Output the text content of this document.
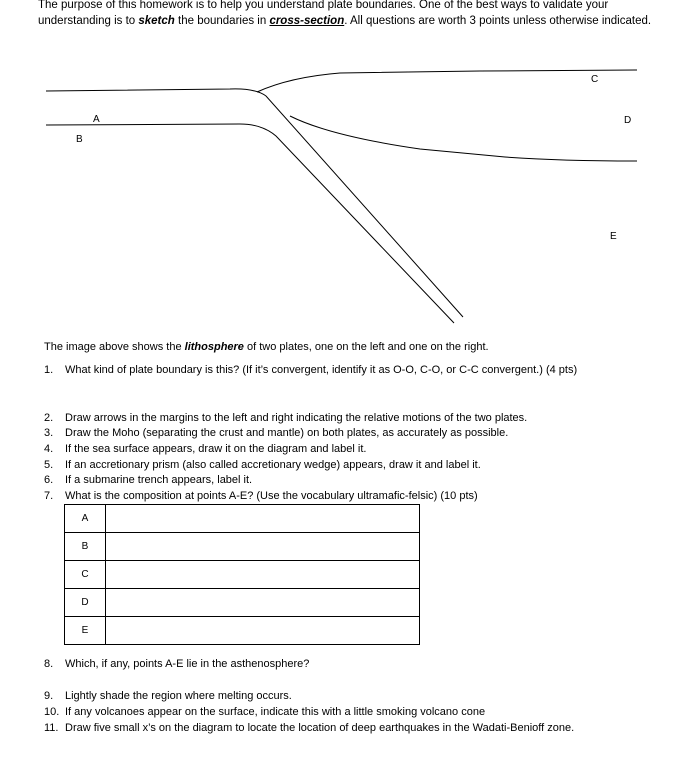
The purpose of this homework is to help you understand plate boundaries. One of the best ways to validate your understanding is to sketch the boundaries in cross-section. All questions are worth 3 points unless otherwise indicated.
A
B
C
D
E
The image above shows the lithosphere of two plates, one on the left and one on the right.
1. What kind of plate boundary is this? (If it’s convergent, identify it as O-O, C-O, or C-C convergent.) (4 pts)
2. Draw arrows in the margins to the left and right indicating the relative motions of the two plates.
3. Draw the Moho (separating the crust and mantle) on both plates, as accurately as possible.
4. If the sea surface appears, draw it on the diagram and label it.
5. If an accretionary prism (also called accretionary wedge) appears, draw it and label it.
6. If a submarine trench appears, label it.
7. What is the composition at points A-E? (Use the vocabulary ultramafic-felsic) (10 pts)
A	
B	
C	
D	
E	
8. Which, if any, points A-E lie in the asthenosphere?
9. Lightly shade the region where melting occurs.
10. If any volcanoes appear on the surface, indicate this with a little smoking volcano cone
11. Draw five small x’s on the diagram to locate the location of deep earthquakes in the Wadati-Benioff zone.
